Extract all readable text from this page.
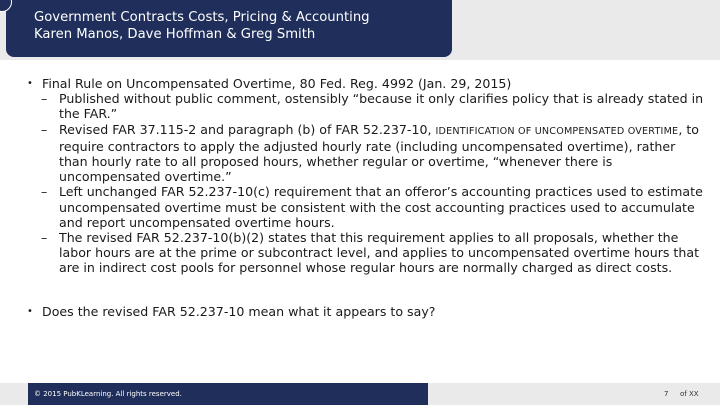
Government Contracts Costs, Pricing & Accounting
Karen Manos, Dave Hoffman & Greg Smith
• Final Rule on Uncompensated Overtime, 80 Fed. Reg. 4992 (Jan. 29, 2015)
– Published without public comment, ostensibly “because it only clarifies policy that is already stated in the FAR.”
– Revised FAR 37.115-2 and paragraph (b) of FAR 52.237-10, IDENTIFICATION OF UNCOMPENSATED OVERTIME, to require contractors to apply the adjusted hourly rate (including uncompensated overtime), rather than hourly rate to all proposed hours, whether regular or overtime, “whenever there is uncompensated overtime.”
– Left unchanged FAR 52.237-10(c) requirement that an offeror’s accounting practices used to estimate uncompensated overtime must be consistent with the cost accounting practices used to accumulate and report uncompensated overtime hours.
– The revised FAR 52.237-10(b)(2) states that this requirement applies to all proposals, whether the labor hours are at the prime or subcontract level, and applies to uncompensated overtime hours that are in indirect cost pools for personnel whose regular hours are normally charged as direct costs.
• Does the revised FAR 52.237-10 mean what it appears to say?
© 2015 PubKLearning. All rights reserved.	7 of XX
